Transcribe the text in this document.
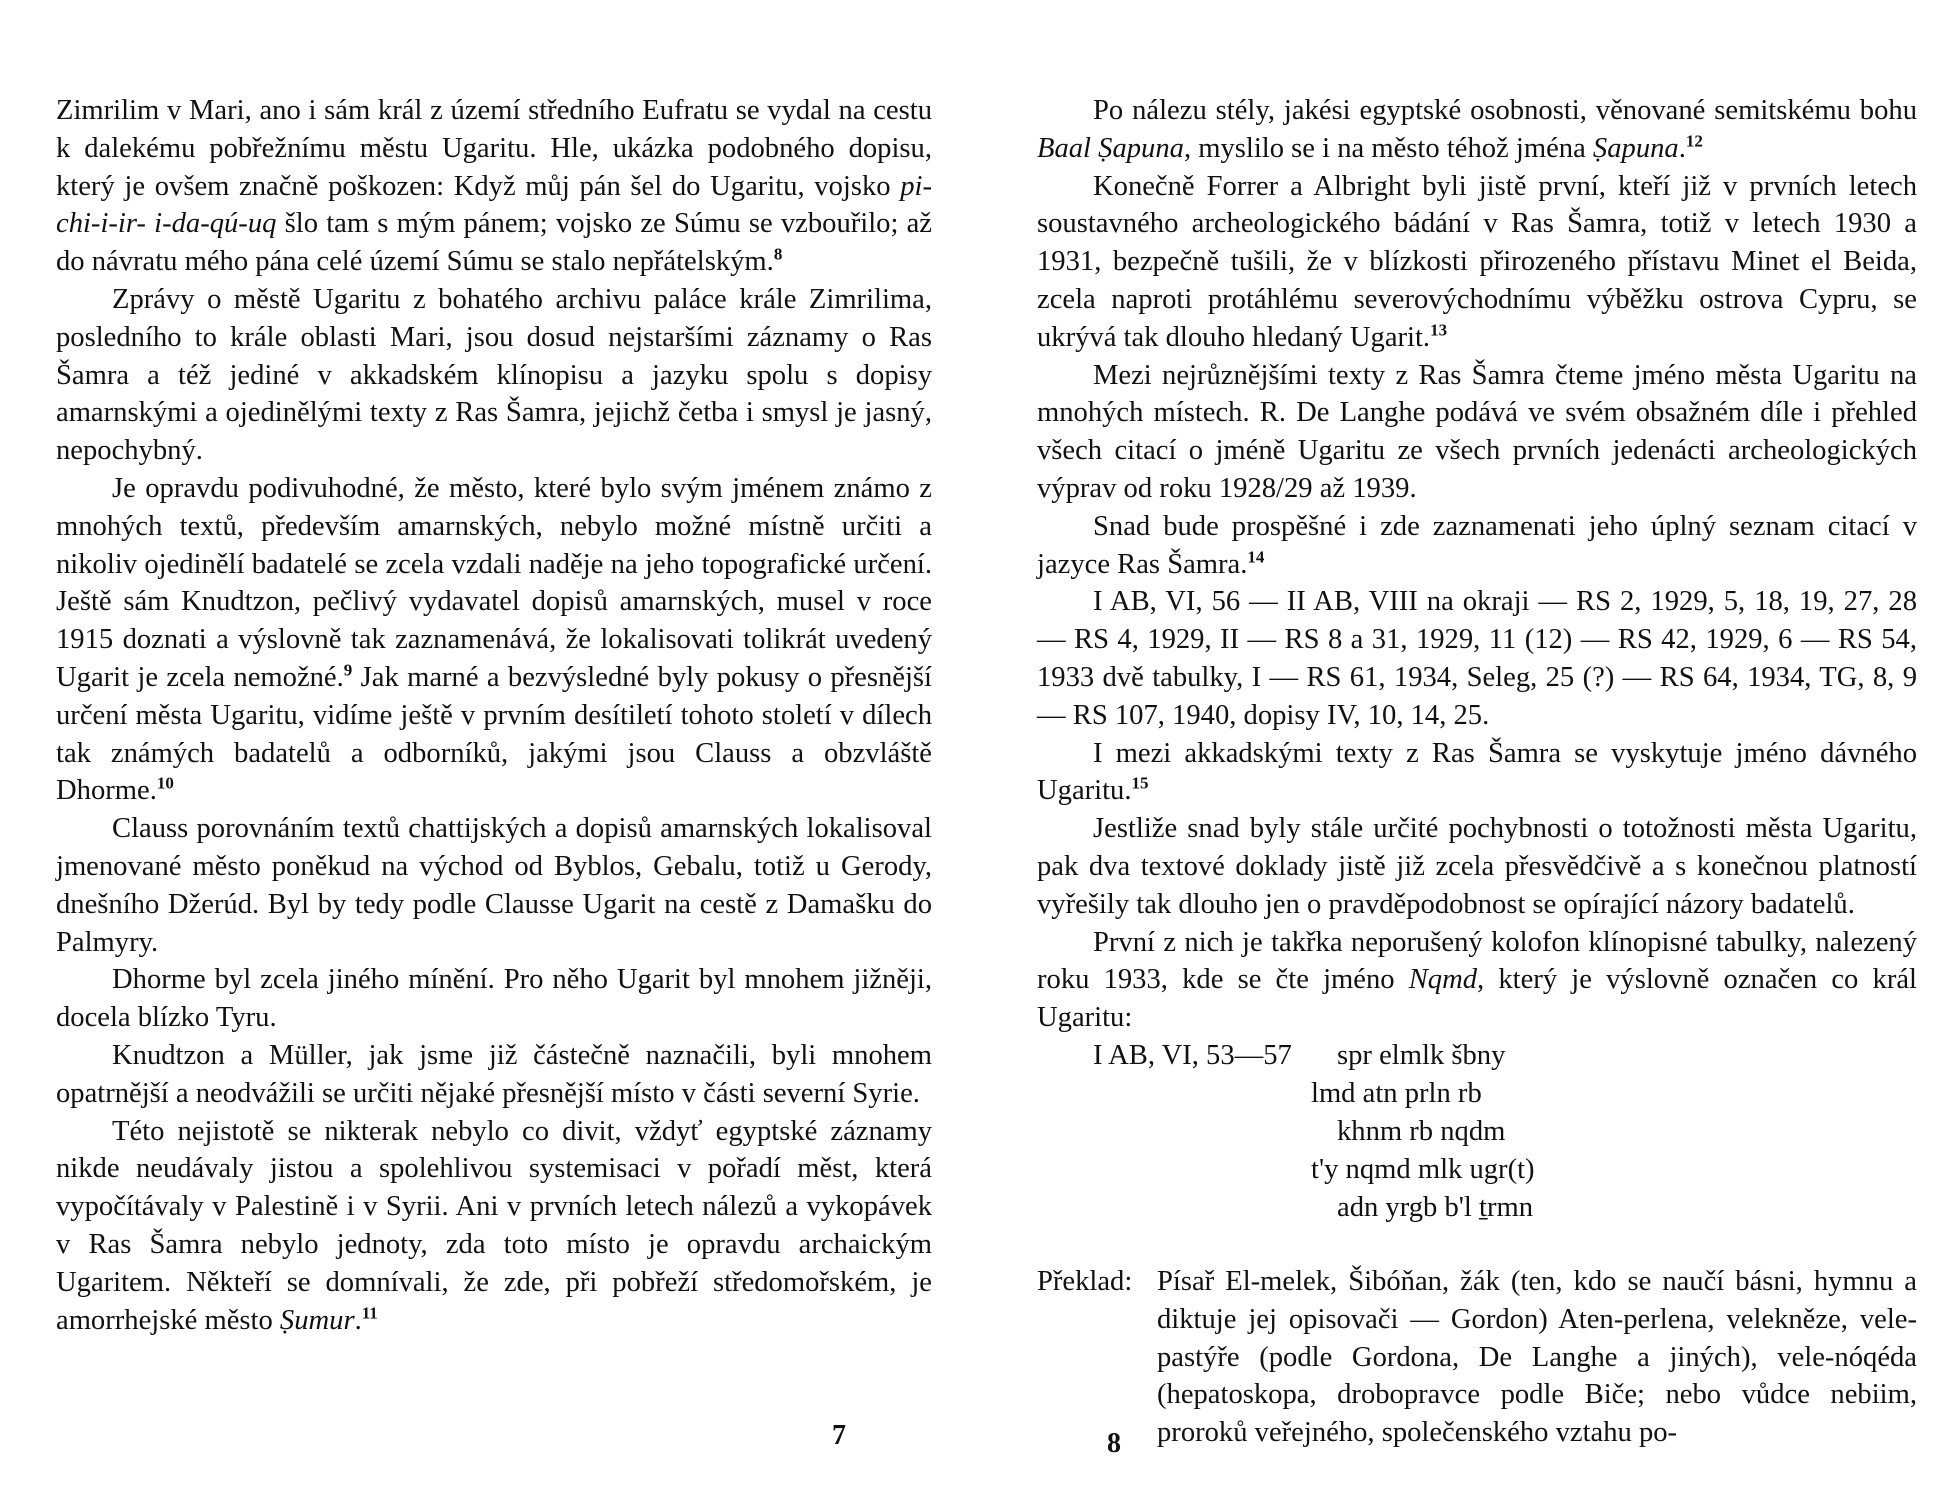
Zimrilim v Mari, ano i sám král z území středního Eufratu se vydal na cestu k dalekému pobřežnímu městu Ugaritu. Hle, ukázka podobného dopisu, který je ovšem značně poškozen: Když můj pán šel do Ugaritu, vojsko pi-chi-i-ir- i-da-qú-uq šlo tam s mým pánem; vojsko ze Súmu se vzbouřilo; až do návratu mého pána celé území Súmu se stalo nepřátelským.$^8$

Zprávy o městě Ugaritu z bohatého archivu paláce krále Zimrilima, posledního to krále oblasti Mari, jsou dosud nejstaršími záznamy o Ras Šamra a též jediné v akkadském klínopisu a jazyku spolu s dopisy amarnskými a ojedinělými texty z Ras Šamra, jejichž četba i smysl je jasný, nepochybný.

Je opravdu podivuhodné, že město, které bylo svým jménem známo z mnohých textů, především amarnských, nebylo možné místně určiti a nikoliv ojedinělí badatelé se zcela vzdali naděje na jeho topografické určení. Ještě sám Knudtzon, pečlivý vydavatel dopisů amarnských, musel v roce 1915 doznati a výslovně tak zaznamenává, že lokalisovati tolikrát uvedený Ugarit je zcela nemožné.$^9$ Jak marné a bezvýsledné byly pokusy o přesnější určení města Ugaritu, vidíme ještě v prvním desítiletí tohoto století v dílech tak známých badatelů a odborníků, jakými jsou Clauss a obzvláště Dhorme.$^{10}$

Clauss porovnáním textů chattijských a dopisů amarnských lokalisoval jmenované město poněkud na východ od Byblos, Gebalu, totiž u Gerody, dnešního Džerúd. Byl by tedy podle Clausse Ugarit na cestě z Damašku do Palmyry.

Dhorme byl zcela jiného mínění. Pro něho Ugarit byl mnohem jižněji, docela blízko Tyru.

Knudtzon a Müller, jak jsme již částečně naznačili, byli mnohem opatrnější a neodvážili se určiti nějaké přesnější místo v části severní Syrie.

Této nejistotě se nikterak nebylo co divit, vždyť egyptské záznamy nikde neudávaly jistou a spolehlivou systemisaci v pořadí měst, která vypočítávaly v Palestině i v Syrii. Ani v prvních letech nálezů a vykopávek v Ras Šamra nebylo jednoty, zda toto místo je opravdu archaickým Ugaritem. Někteří se domnívali, že zde, při pobřeží středomořském, je amorrhejské město Ṣumur.$^{11}$

7

Po nálezu stély, jakési egyptské osobnosti, věnované semitskému bohu Baal Ṣapuna, myslilo se i na město téhož jména Ṣapuna.$^{12}$

Konečně Forrer a Albright byli jistě první, kteří již v prvních letech soustavného archeologického bádání v Ras Šamra, totiž v letech 1930 a 1931, bezpečně tušili, že v blízkosti přirozeného přístavu Minet el Beida, zcela naproti protáhlému severovýchodnímu výběžku ostrova Cypru, se ukrývá tak dlouho hledaný Ugarit.$^{13}$

Mezi nejrůznějšími texty z Ras Šamra čteme jméno města Ugaritu na mnohých místech. R. De Langhe podává ve svém obsažném díle i přehled všech citací o jméně Ugaritu ze všech prvních jedenácti archeologických výprav od roku 1928/29 až 1939.

Snad bude prospěšné i zde zaznamenati jeho úplný seznam citací v jazyce Ras Šamra.$^{14}$

I AB, VI, 56 — II AB, VIII na okraji — RS 2, 1929, 5, 18, 19, 27, 28 — RS 4, 1929, II — RS 8 a 31, 1929, 11 (12) — RS 42, 1929, 6 — RS 54, 1933 dvě tabulky, I — RS 61, 1934, Seleg, 25 (?) — RS 64, 1934, TG, 8, 9 — RS 107, 1940, dopisy IV, 10, 14, 25.

I mezi akkadskými texty z Ras Šamra se vyskytuje jméno dávného Ugaritu.$^{15}$

Jestliže snad byly stále určité pochybnosti o totožnosti města Ugaritu, pak dva textové doklady jistě již zcela přesvědčivě a s konečnou platností vyřešily tak dlouho jen o pravděpodobnost se opírající názory badatelů.

První z nich je takřka neporušený kolofon klínopisné tabulky, nalezený roku 1933, kde se čte jméno Nqmd, který je výslovně označen co král Ugaritu:

I AB, VI, 53—57 spr elmlk šbny
lmd atn prln rb
khnm rb nqdm
t'y nqmd mlk ugr(t)
adn yrgb b'l ṯrmn
Překlad: Písař El-melek, Šibóňan, žák (ten, kdo se naučí básni, hymnu a diktuje jej opisovači — Gordon) Aten-perlena, velekněze, vele-pastýře (podle Gordona, De Langhe a jiných), vele-nóqéda (hepatoskopa, drobopravce podle Biče; nebo vůdce nebiim, proroků veřejného, společenského vztahu po-
8
